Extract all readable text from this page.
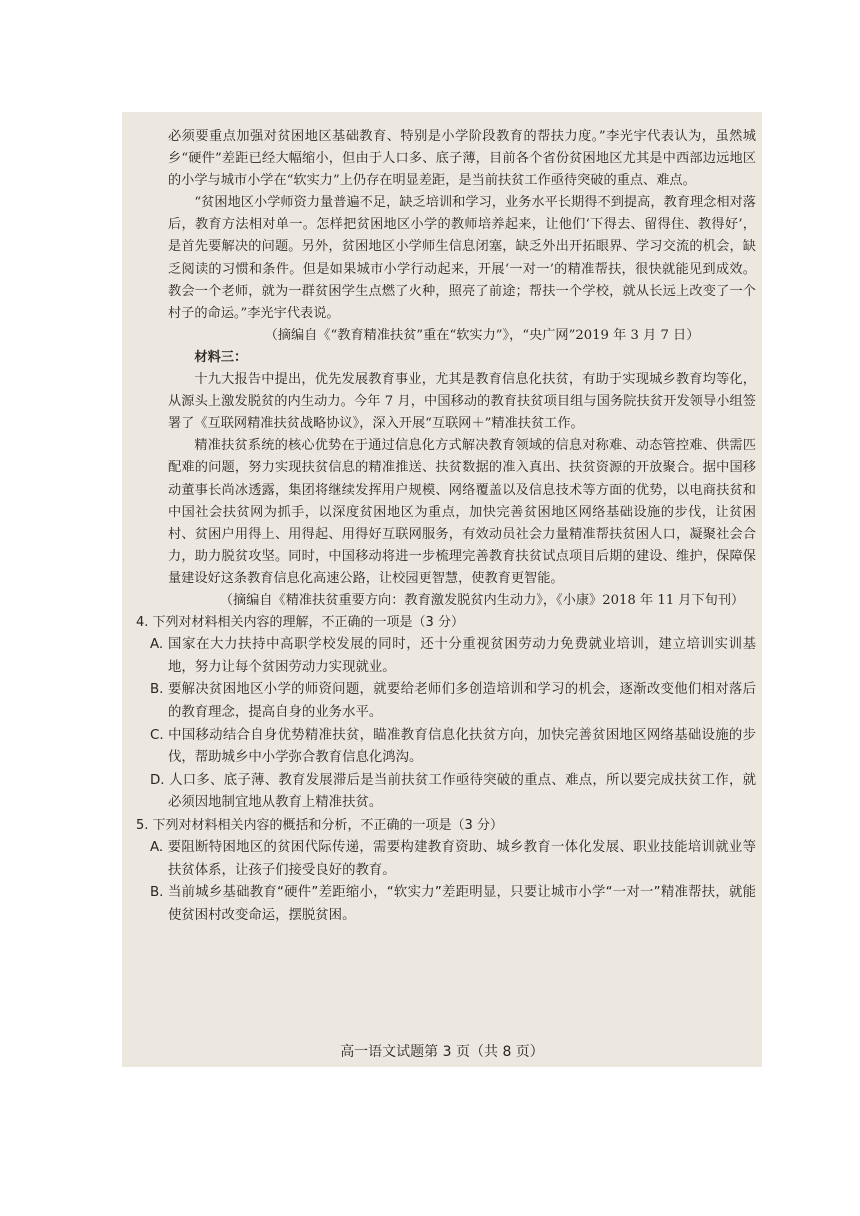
必须要重点加强对贫困地区基础教育、特别是小学阶段教育的帮扶力度。”李光宇代表认为，虽然城乡“硬件”差距已经大幅缩小，但由于人口多、底子薄，目前各个省份贫困地区尤其是中西部边远地区的小学与城市小学在“软实力”上仍存在明显差距，是当前扶贫工作亟待突破的重点、难点。

“贫困地区小学师资力量普遍不足，缺乏培训和学习，业务水平长期得不到提高，教育理念相对落后，教育方法相对单一。怎样把贫困地区小学的教师培养起来，让他们‘下得去、留得住、教得好’，是首先要解决的问题。另外，贫困地区小学师生信息闭塞，缺乏外出开拓眼界、学习交流的机会，缺乏阅读的习惯和条件。但是如果城市小学行动起来，开展‘一对一’的精准帮扶，很快就能见到成效。教会一个老师，就为一群贫困学生点燃了火种，照亮了前途；帮扶一个学校，就从长远上改变了一个村子的命运。”李光宇代表说。

（摘编自《“教育精准扶贫”重在“软实力”》，“央广网”2019 年 3 月 7 日）

材料三：

十九大报告中提出，优先发展教育事业，尤其是教育信息化扶贫，有助于实现城乡教育均等化，从源头上激发脱贫的内生动力。今年 7 月，中国移动的教育扶贫项目组与国务院扶贫开发领导小组签署了《互联网精准扶贫战略协议》，深入开展“互联网＋”精准扶贫工作。

精准扶贫系统的核心优势在于通过信息化方式解决教育领域的信息对称难、动态管控难、供需匹配难的问题，努力实现扶贫信息的精准推送、扶贫数据的准入真出、扶贫资源的开放聚合。据中国移动董事长尚冰透露，集团将继续发挥用户规模、网络覆盖以及信息技术等方面的优势，以电商扶贫和中国社会扶贫网为抓手，以深度贫困地区为重点，加快完善贫困地区网络基础设施的步伐，让贫困村、贫困户用得上、用得起、用得好互联网服务，有效动员社会力量精准帮扶贫困人口，凝聚社会合力，助力脱贫攻坚。同时，中国移动将进一步梳理完善教育扶贫试点项目后期的建设、维护，保障保量建设好这条教育信息化高速公路，让校园更智慧，使教育更智能。

（摘编自《精准扶贫重要方向：教育激发脱贫内生动力》，《小康》2018 年 11 月下旬刊）

4. 下列对材料相关内容的理解，不正确的一项是（3 分）

A. 国家在大力扶持中高职学校发展的同时，还十分重视贫困劳动力免费就业培训，建立培训实训基地，努力让每个贫困劳动力实现就业。

B. 要解决贫困地区小学的师资问题，就要给老师们多创造培训和学习的机会，逐渐改变他们相对落后的教育理念，提高自身的业务水平。

C. 中国移动结合自身优势精准扶贫，瞄准教育信息化扶贫方向，加快完善贫困地区网络基础设施的步伐，帮助城乡中小学弥合教育信息化鸿沟。

D. 人口多、底子薄、教育发展滞后是当前扶贫工作亟待突破的重点、难点，所以要完成扶贫工作，就必须因地制宜地从教育上精准扶贫。

5. 下列对材料相关内容的概括和分析，不正确的一项是（3 分）

A. 要阻断特困地区的贫困代际传递，需要构建教育资助、城乡教育一体化发展、职业技能培训就业等扶贫体系，让孩子们接受良好的教育。

B. 当前城乡基础教育“硬件”差距缩小，“软实力”差距明显，只要让城市小学“一对一”精准帮扶，就能使贫困村改变命运，摆脱贫困。

高一语文试题第 3 页（共 8 页）
